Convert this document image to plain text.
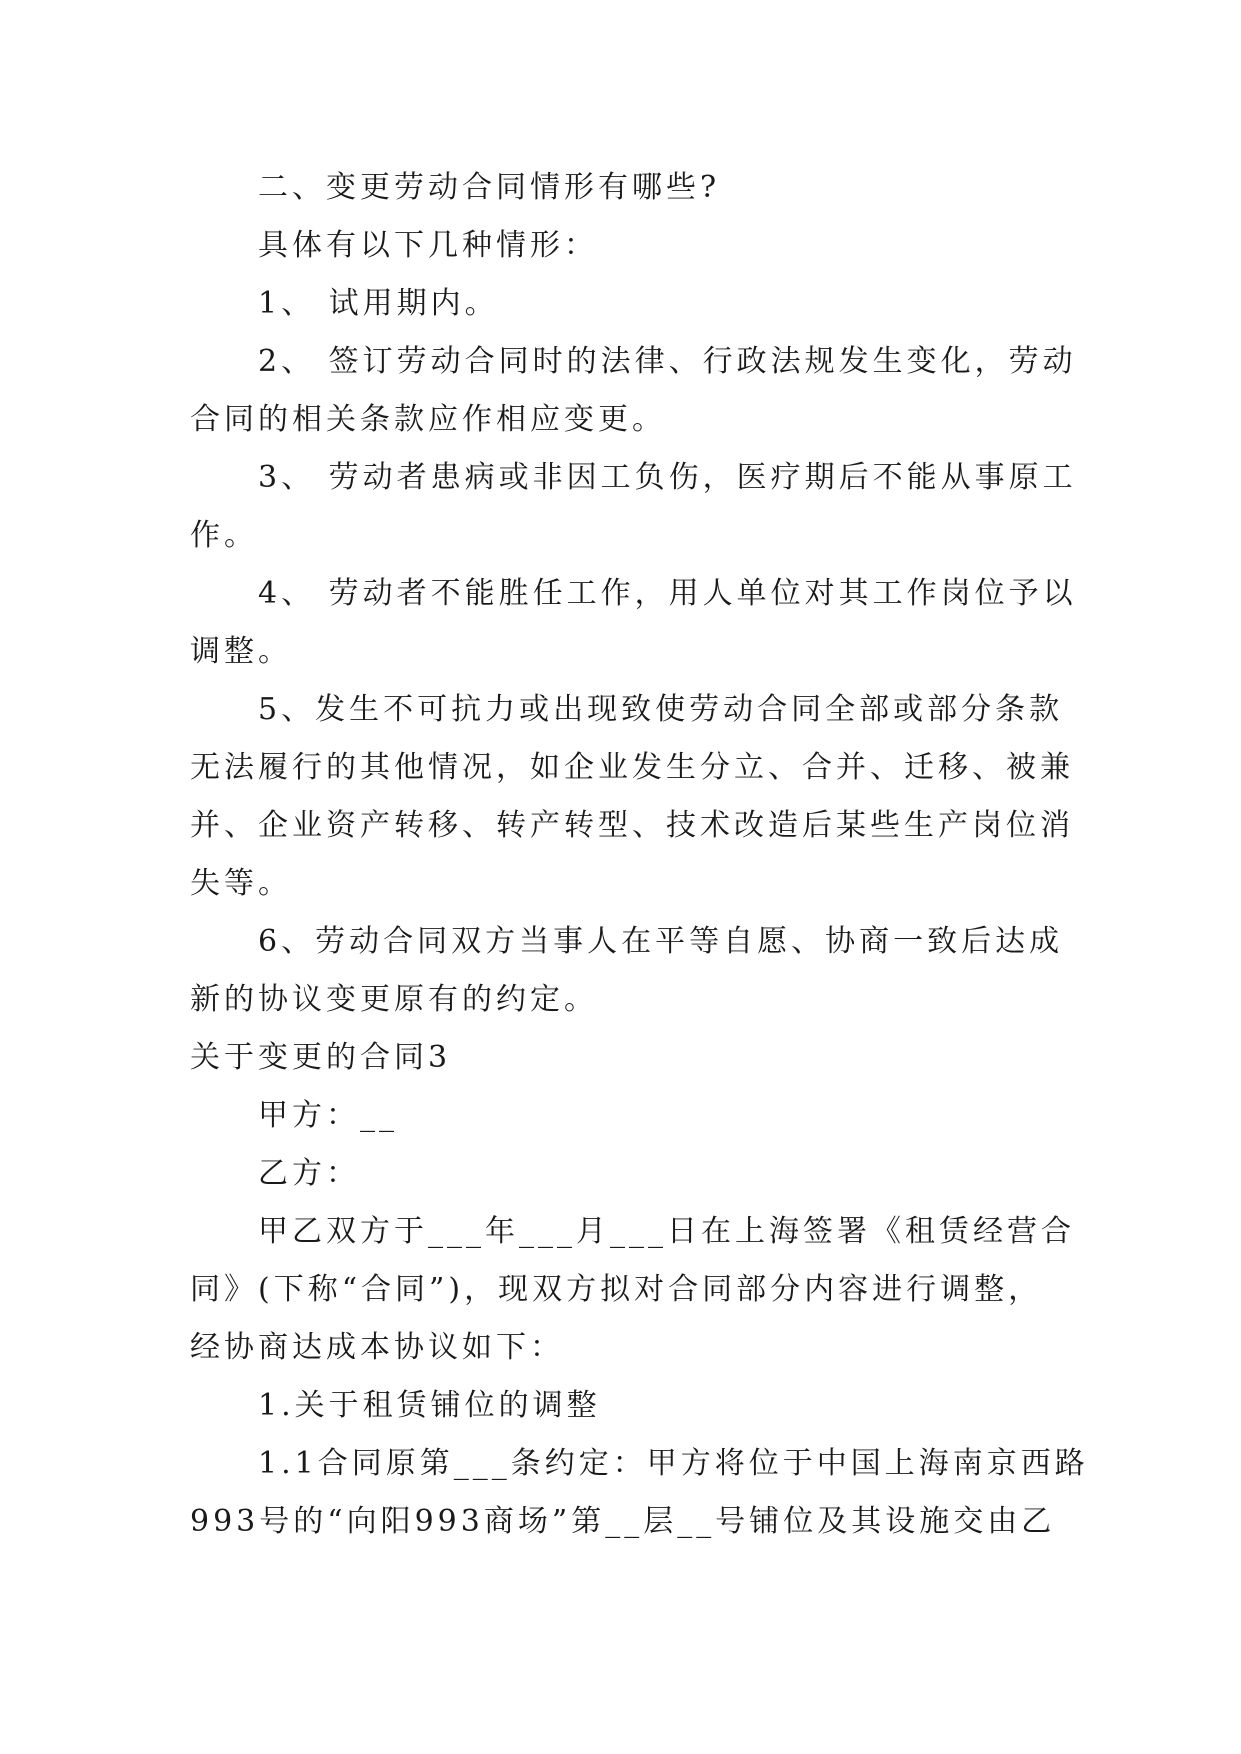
二、变更劳动合同情形有哪些?
具体有以下几种情形：
1、 试用期内。
2、 签订劳动合同时的法律、行政法规发生变化，劳动
合同的相关条款应作相应变更。
3、 劳动者患病或非因工负伤，医疗期后不能从事原工
作。
4、 劳动者不能胜任工作，用人单位对其工作岗位予以
调整。
5、发生不可抗力或出现致使劳动合同全部或部分条款
无法履行的其他情况，如企业发生分立、合并、迁移、被兼
并、企业资产转移、转产转型、技术改造后某些生产岗位消
失等。
6、劳动合同双方当事人在平等自愿、协商一致后达成
新的协议变更原有的约定。
关于变更的合同3
甲方：__
乙方：
甲乙双方于___年___月___日在上海签署《租赁经营合
同》(下称“合同”)，现双方拟对合同部分内容进行调整，
经协商达成本协议如下：
1.关于租赁铺位的调整
1.1合同原第___条约定：甲方将位于中国上海南京西路
993号的“向阳993商场”第__层__号铺位及其设施交由乙
